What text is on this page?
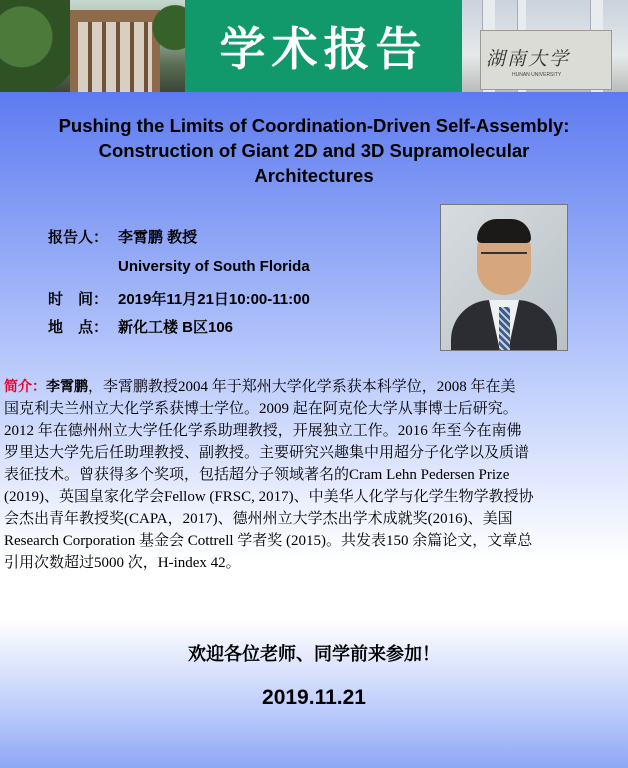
学术报告	湖南大学
HUNAN UNIVERSITY
Pushing the Limits of Coordination-Driven Self-Assembly:
Construction of Giant 2D and 3D Supramolecular
Architectures
报告人： 李霄鹏 教授
University of South Florida
时　间： 2019年11月21日10:00-11:00
地　点： 新化工楼 B区106
简介：李霄鹏，李霄鹏教授2004 年于郑州大学化学系获本科学位，2008 年在美
国克利夫兰州立大化学系获博士学位。2009 起在阿克伦大学从事博士后研究。
2012 年在德州州立大学任化学系助理教授，开展独立工作。2016 年至今在南佛
罗里达大学先后任助理教授、副教授。主要研究兴趣集中用超分子化学以及质谱
表征技术。曾获得多个奖项，包括超分子领域著名的Cram Lehn Pedersen Prize
(2019)、英国皇家化学会Fellow (FRSC, 2017)、中美华人化学与化学生物学教授协
会杰出青年教授奖(CAPA，2017)、德州州立大学杰出学术成就奖(2016)、美国
Research Corporation 基金会 Cottrell 学者奖 (2015)。共发表150 余篇论文，文章总
引用次数超过5000 次，H-index 42。
欢迎各位老师、同学前来参加！
2019.11.21
